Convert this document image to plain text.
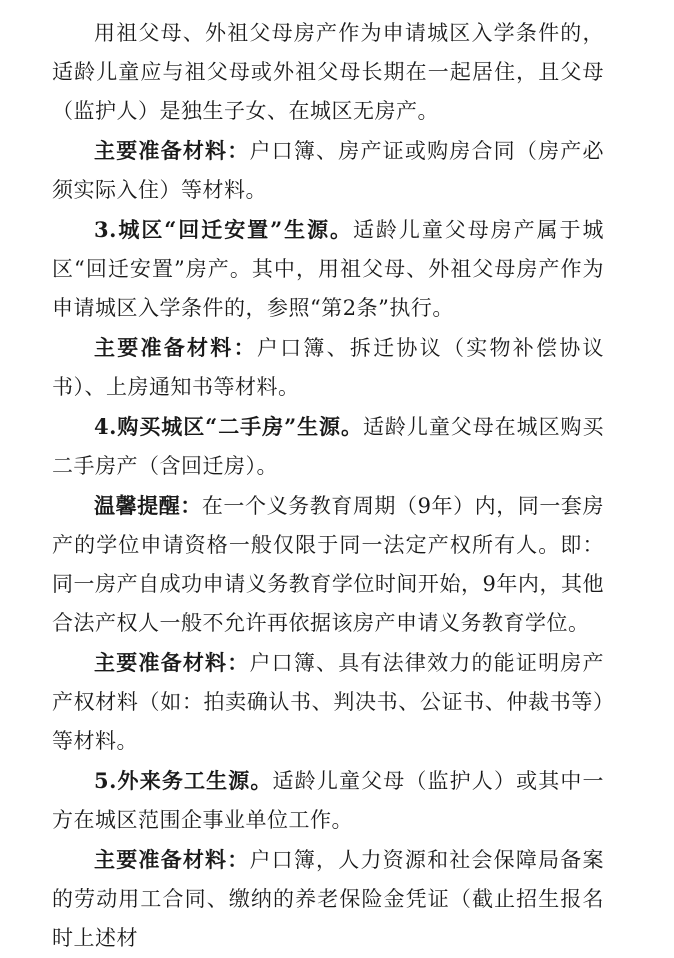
用祖父母、外祖父母房产作为申请城区入学条件的，适龄儿童应与祖父母或外祖父母长期在一起居住，且父母（监护人）是独生子女、在城区无房产。

主要准备材料：户口簿、房产证或购房合同（房产必须实际入住）等材料。

3.城区“回迁安置”生源。适龄儿童父母房产属于城区“回迁安置”房产。其中，用祖父母、外祖父母房产作为申请城区入学条件的，参照“第2条”执行。

主要准备材料：户口簿、拆迁协议（实物补偿协议书）、上房通知书等材料。

4.购买城区“二手房”生源。适龄儿童父母在城区购买二手房产（含回迁房）。

温馨提醒：在一个义务教育周期（9年）内，同一套房产的学位申请资格一般仅限于同一法定产权所有人。即：同一房产自成功申请义务教育学位时间开始，9年内，其他合法产权人一般不允许再依据该房产申请义务教育学位。

主要准备材料：户口簿、具有法律效力的能证明房产产权材料（如：拍卖确认书、判决书、公证书、仲裁书等）等材料。

5.外来务工生源。适龄儿童父母（监护人）或其中一方在城区范围企事业单位工作。

主要准备材料：户口簿，人力资源和社会保障局备案的劳动用工合同、缴纳的养老保险金凭证（截止招生报名时上述材
